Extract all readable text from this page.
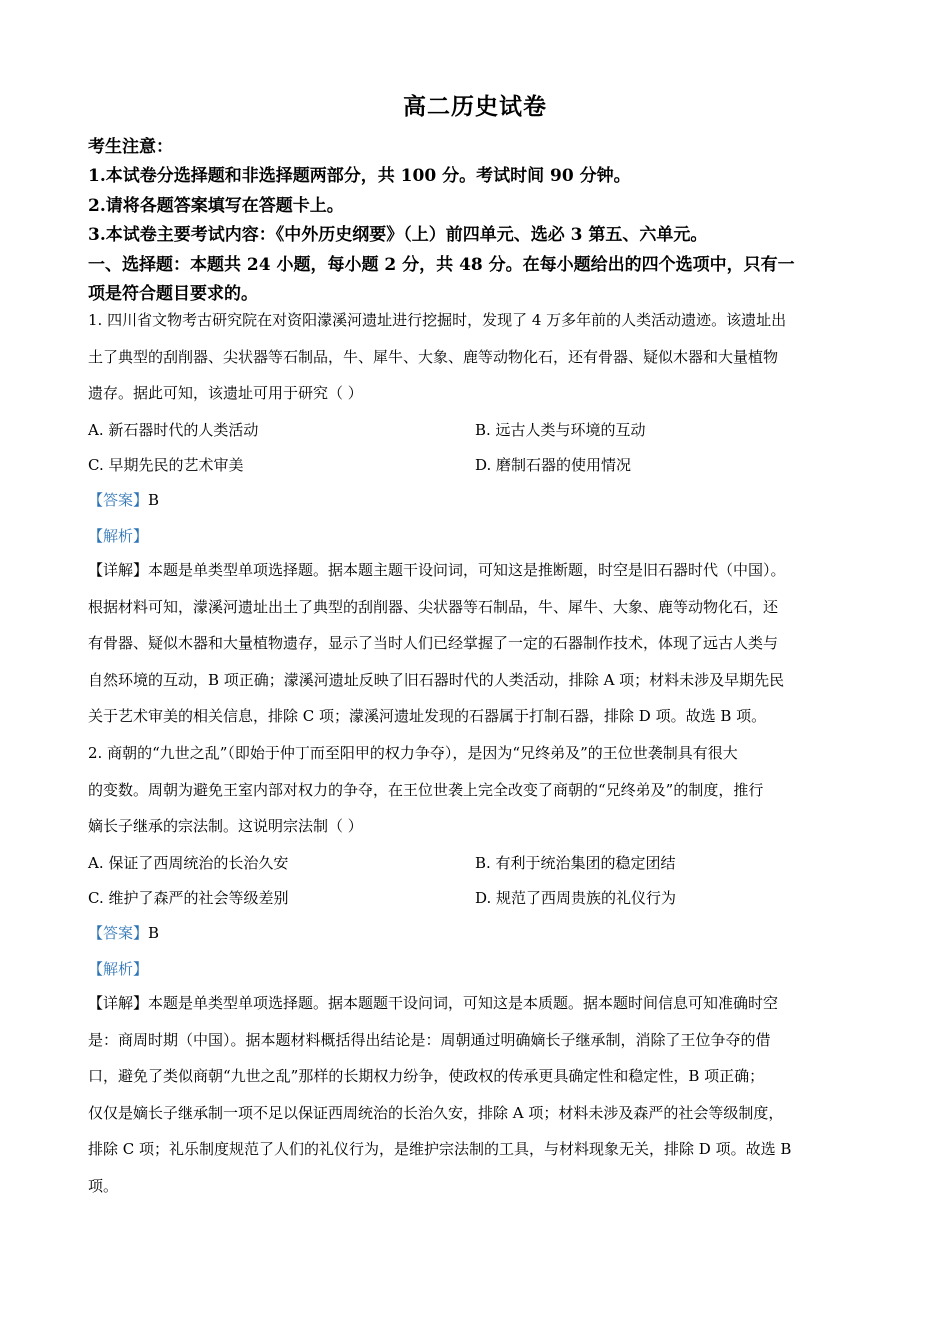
高二历史试卷
考生注意：
1.本试卷分选择题和非选择题两部分，共 100 分。考试时间 90 分钟。
2.请将各题答案填写在答题卡上。
3.本试卷主要考试内容：《中外历史纲要》（上）前四单元、选必 3 第五、六单元。
一、选择题：本题共 24 小题，每小题 2 分，共 48 分。在每小题给出的四个选项中，只有一
项是符合题目要求的。
1. 四川省文物考古研究院在对资阳濛溪河遗址进行挖掘时，发现了 4 万多年前的人类活动遗迹。该遗址出
土了典型的刮削器、尖状器等石制品，牛、犀牛、大象、鹿等动物化石，还有骨器、疑似木器和大量植物
遗存。据此可知，该遗址可用于研究（ ）
A. 新石器时代的人类活动	B. 远古人类与环境的互动
C. 早期先民的艺术审美	D. 磨制石器的使用情况
【答案】B
【解析】
【详解】本题是单类型单项选择题。据本题主题干设问词，可知这是推断题，时空是旧石器时代（中国）。
根据材料可知，濛溪河遗址出土了典型的刮削器、尖状器等石制品，牛、犀牛、大象、鹿等动物化石，还
有骨器、疑似木器和大量植物遗存，显示了当时人们已经掌握了一定的石器制作技术，体现了远古人类与
自然环境的互动，B 项正确；濛溪河遗址反映了旧石器时代的人类活动，排除 A 项；材料未涉及早期先民
关于艺术审美的相关信息，排除 C 项；濛溪河遗址发现的石器属于打制石器，排除 D 项。故选 B 项。
2. 商朝的“九世之乱”（即始于仲丁而至阳甲的权力争夺），是因为“兄终弟及”的王位世袭制具有很大
的变数。周朝为避免王室内部对权力的争夺，在王位世袭上完全改变了商朝的“兄终弟及”的制度，推行
嫡长子继承的宗法制。这说明宗法制（ ）
A. 保证了西周统治的长治久安	B. 有利于统治集团的稳定团结
C. 维护了森严的社会等级差别	D. 规范了西周贵族的礼仪行为
【答案】B
【解析】
【详解】本题是单类型单项选择题。据本题题干设问词，可知这是本质题。据本题时间信息可知准确时空
是：商周时期（中国）。据本题材料概括得出结论是：周朝通过明确嫡长子继承制，消除了王位争夺的借
口，避免了类似商朝“九世之乱”那样的长期权力纷争，使政权的传承更具确定性和稳定性，B 项正确；
仅仅是嫡长子继承制一项不足以保证西周统治的长治久安，排除 A 项；材料未涉及森严的社会等级制度，
排除 C 项；礼乐制度规范了人们的礼仪行为，是维护宗法制的工具，与材料现象无关，排除 D 项。故选 B
项。
